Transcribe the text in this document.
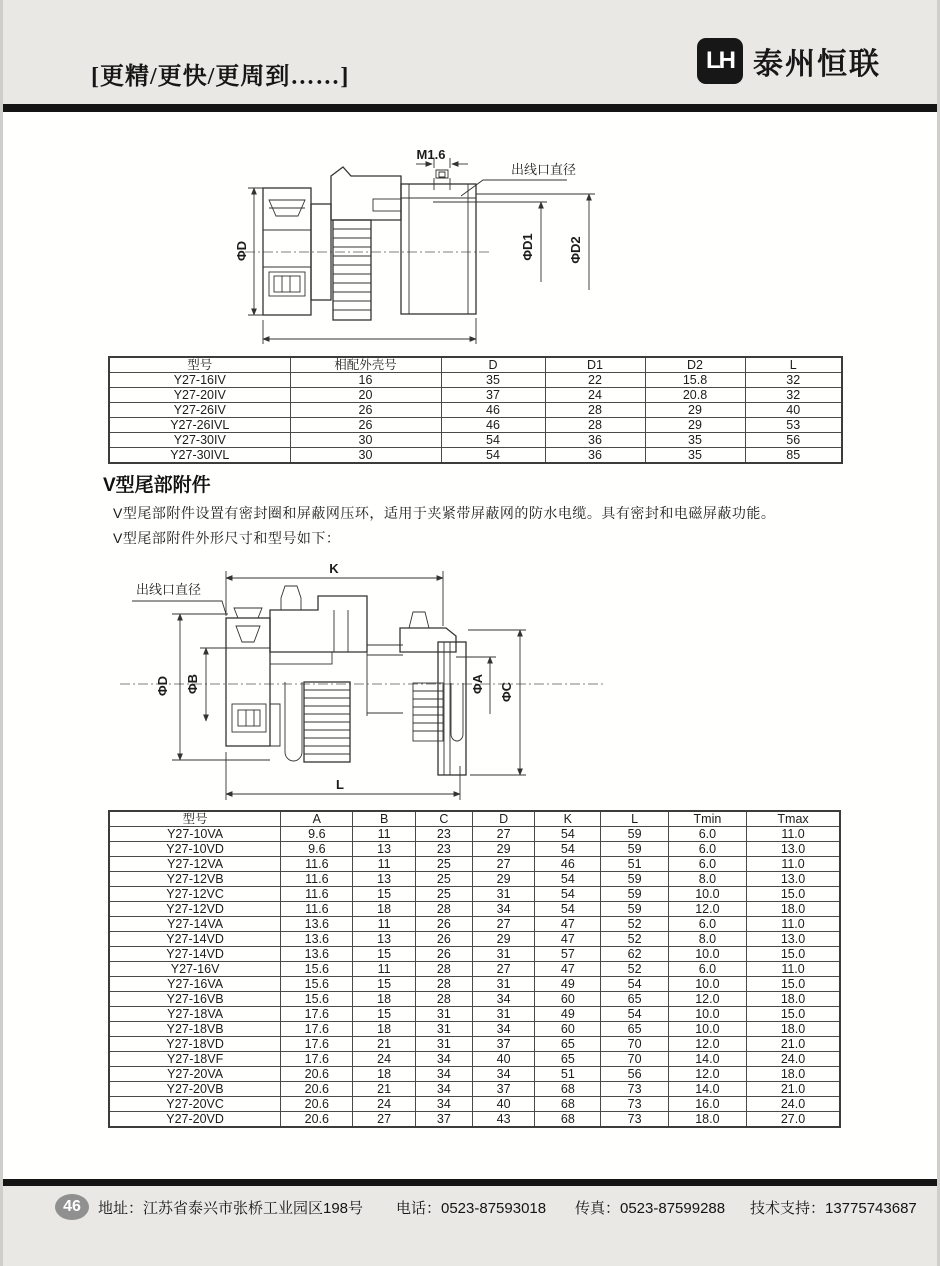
[更精/更快/更周到……]
LH 泰州恒联
M1.6
出线口直径
ΦD	ΦD1	ΦD2
型号	相配外壳号	D	D1	D2	L
Y27-16IV	16	35	22	15.8	32
Y27-20IV	20	37	24	20.8	32
Y27-26IV	26	46	28	29	40
Y27-26IVL	26	46	28	29	53
Y27-30IV	30	54	36	35	56
Y27-30IVL	30	54	36	35	85
V型尾部附件
V型尾部附件设置有密封圈和屏蔽网压环，适用于夹紧带屏蔽网的防水电缆。具有密封和电磁屏蔽功能。
V型尾部附件外形尺寸和型号如下：
K
出线口直径
ΦD ΦB	ΦA ΦC
L
型号	A	B	C	D	K	L	Tmin	Tmax
Y27-10VA	9.6	11	23	27	54	59	6.0	11.0
Y27-10VD	9.6	13	23	29	54	59	6.0	13.0
Y27-12VA	11.6	11	25	27	46	51	6.0	11.0
Y27-12VB	11.6	13	25	29	54	59	8.0	13.0
Y27-12VC	11.6	15	25	31	54	59	10.0	15.0
Y27-12VD	11.6	18	28	34	54	59	12.0	18.0
Y27-14VA	13.6	11	26	27	47	52	6.0	11.0
Y27-14VD	13.6	13	26	29	47	52	8.0	13.0
Y27-14VD	13.6	15	26	31	57	62	10.0	15.0
Y27-16V	15.6	11	28	27	47	52	6.0	11.0
Y27-16VA	15.6	15	28	31	49	54	10.0	15.0
Y27-16VB	15.6	18	28	34	60	65	12.0	18.0
Y27-18VA	17.6	15	31	31	49	54	10.0	15.0
Y27-18VB	17.6	18	31	34	60	65	10.0	18.0
Y27-18VD	17.6	21	31	37	65	70	12.0	21.0
Y27-18VF	17.6	24	34	40	65	70	14.0	24.0
Y27-20VA	20.6	18	34	34	51	56	12.0	18.0
Y27-20VB	20.6	21	34	37	68	73	14.0	21.0
Y27-20VC	20.6	24	34	40	68	73	16.0	24.0
Y27-20VD	20.6	27	37	43	68	73	18.0	27.0
46	地址：江苏省泰兴市张桥工业园区198号 电话：0523-87593018 传真：0523-87599288 技术支持：13775743687
